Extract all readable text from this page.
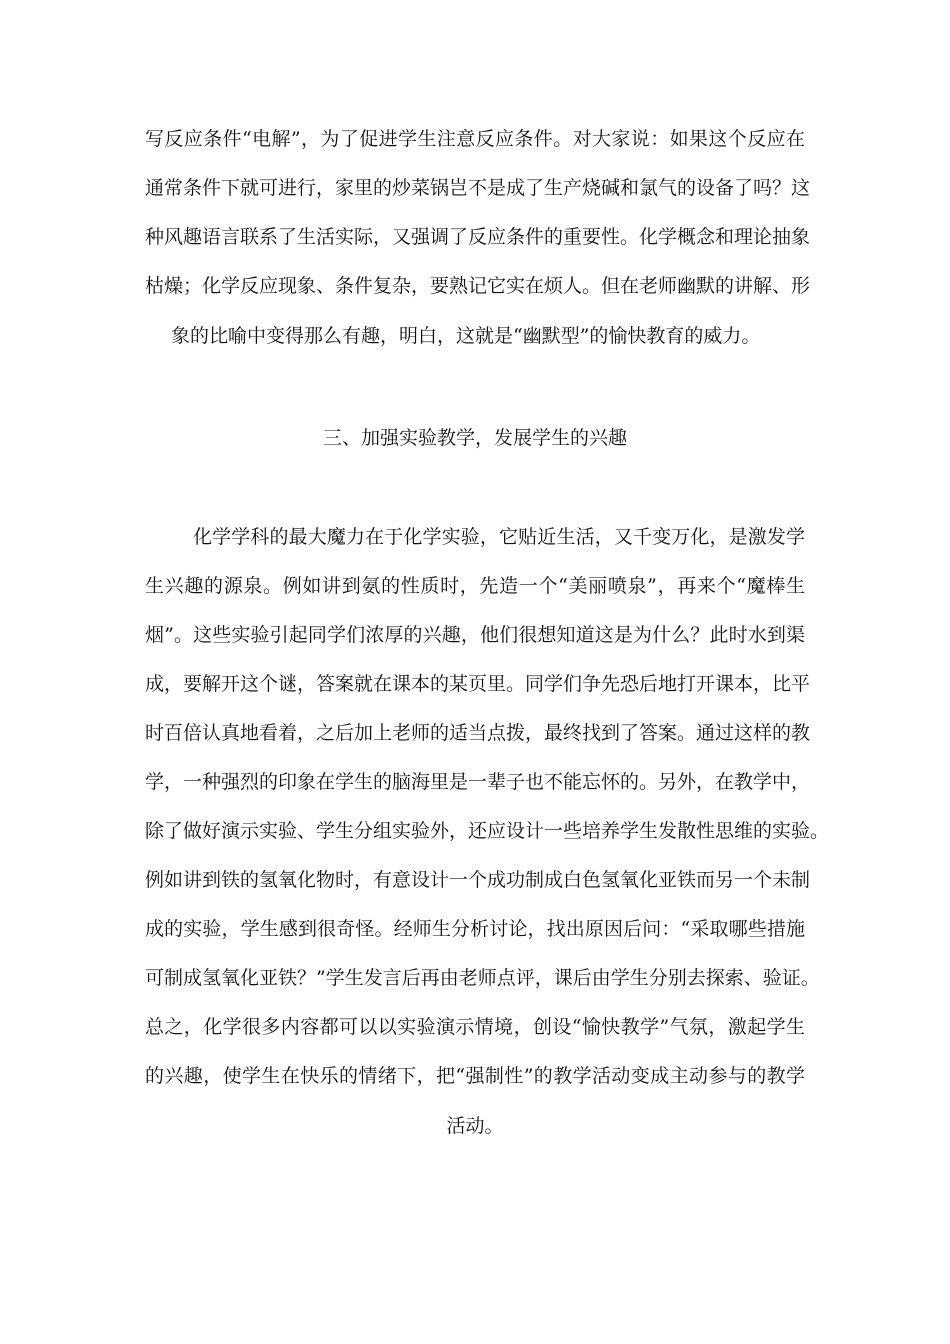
写反应条件“电解”，为了促进学生注意反应条件。对大家说：如果这个反应在
通常条件下就可进行，家里的炒菜锅岂不是成了生产烧碱和氯气的设备了吗？这
种风趣语言联系了生活实际，又强调了反应条件的重要性。化学概念和理论抽象
枯燥；化学反应现象、条件复杂，要熟记它实在烦人。但在老师幽默的讲解、形
象的比喻中变得那么有趣，明白，这就是“幽默型”的愉快教育的威力。
三、加强实验教学，发展学生的兴趣
化学学科的最大魔力在于化学实验，它贴近生活，又千变万化，是激发学
生兴趣的源泉。例如讲到氨的性质时，先造一个“美丽喷泉”，再来个“魔棒生
烟”。这些实验引起同学们浓厚的兴趣，他们很想知道这是为什么？此时水到渠
成，要解开这个谜，答案就在课本的某页里。同学们争先恐后地打开课本，比平
时百倍认真地看着，之后加上老师的适当点拨，最终找到了答案。通过这样的教
学，一种强烈的印象在学生的脑海里是一辈子也不能忘怀的。另外，在教学中，
除了做好演示实验、学生分组实验外，还应设计一些培养学生发散性思维的实验。
例如讲到铁的氢氧化物时，有意设计一个成功制成白色氢氧化亚铁而另一个未制
成的实验，学生感到很奇怪。经师生分析讨论，找出原因后问：“采取哪些措施
可制成氢氧化亚铁？”学生发言后再由老师点评，课后由学生分别去探索、验证。
总之，化学很多内容都可以以实验演示情境，创设“愉快教学”气氛，激起学生
的兴趣，使学生在快乐的情绪下，把“强制性”的教学活动变成主动参与的教学
活动。
